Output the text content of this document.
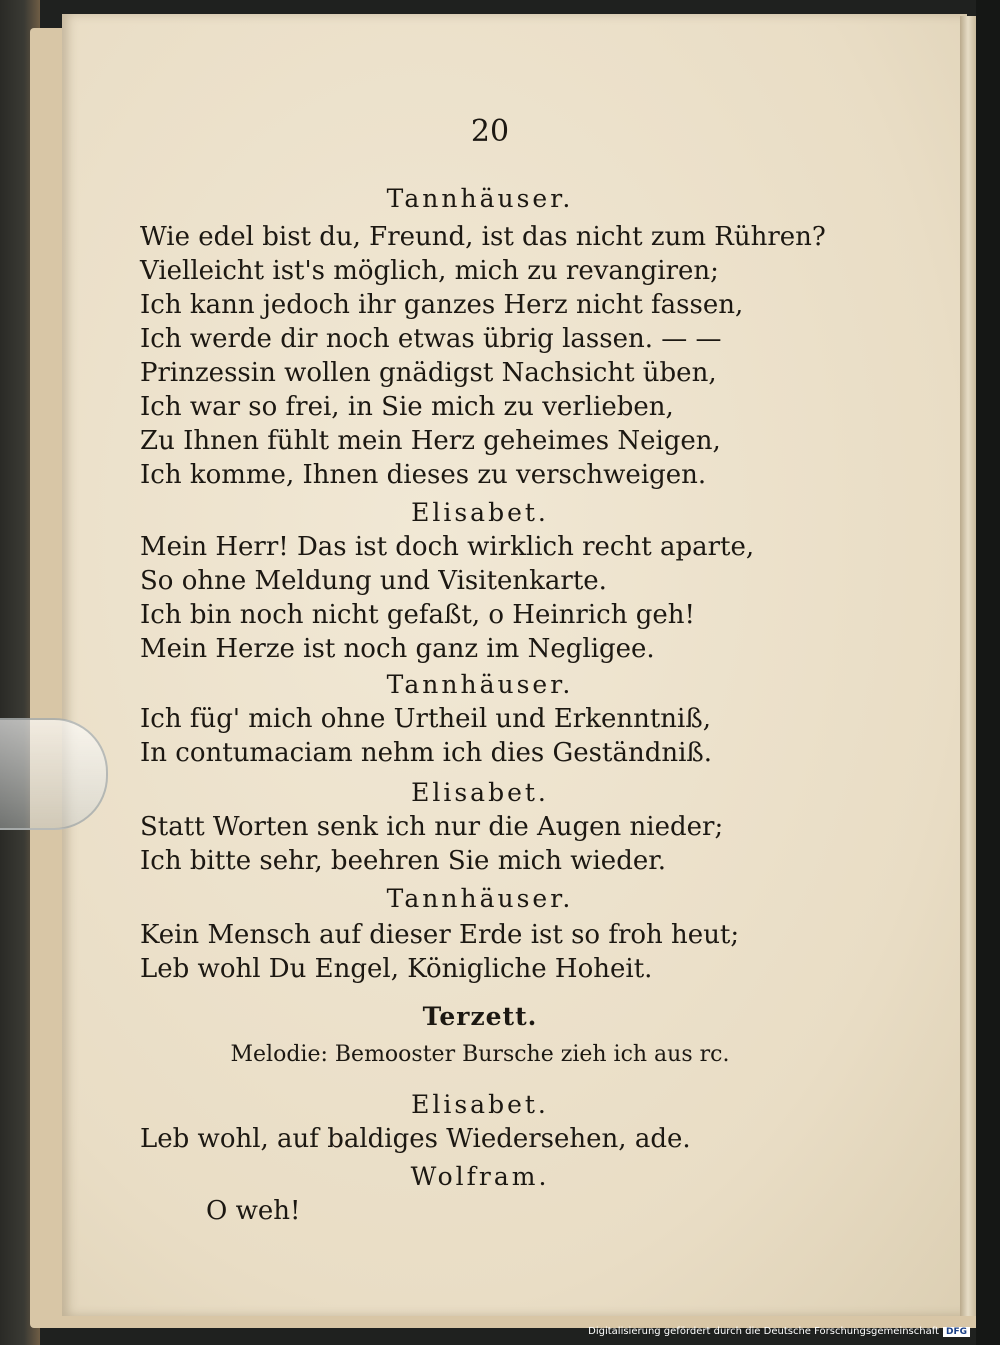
20
Tannhäuser.
Wie edel bist du, Freund, ist das nicht zum Rühren?
Vielleicht ist's möglich, mich zu revangiren;
Ich kann jedoch ihr ganzes Herz nicht fassen,
Ich werde dir noch etwas übrig lassen. — —
Prinzessin wollen gnädigst Nachsicht üben,
Ich war so frei, in Sie mich zu verlieben,
Zu Ihnen fühlt mein Herz geheimes Neigen,
Ich komme, Ihnen dieses zu verschweigen.
Elisabet.
Mein Herr! Das ist doch wirklich recht aparte,
So ohne Meldung und Visitenkarte.
Ich bin noch nicht gefaßt, o Heinrich geh!
Mein Herze ist noch ganz im Negligee.
Tannhäuser.
Ich füg' mich ohne Urtheil und Erkenntniß,
In contumaciam nehm ich dies Geständniß.
Elisabet.
Statt Worten senk ich nur die Augen nieder;
Ich bitte sehr, beehren Sie mich wieder.
Tannhäuser.
Kein Mensch auf dieser Erde ist so froh heut;
Leb wohl Du Engel, Königliche Hoheit.
Terzett.
Melodie: Bemooster Bursche zieh ich aus rc.
Elisabet.
Leb wohl, auf baldiges Wiedersehen, ade.
Wolfram.
O weh!
Digitalisierung gefördert durch die Deutsche Forschungsgemeinschaft DFG
